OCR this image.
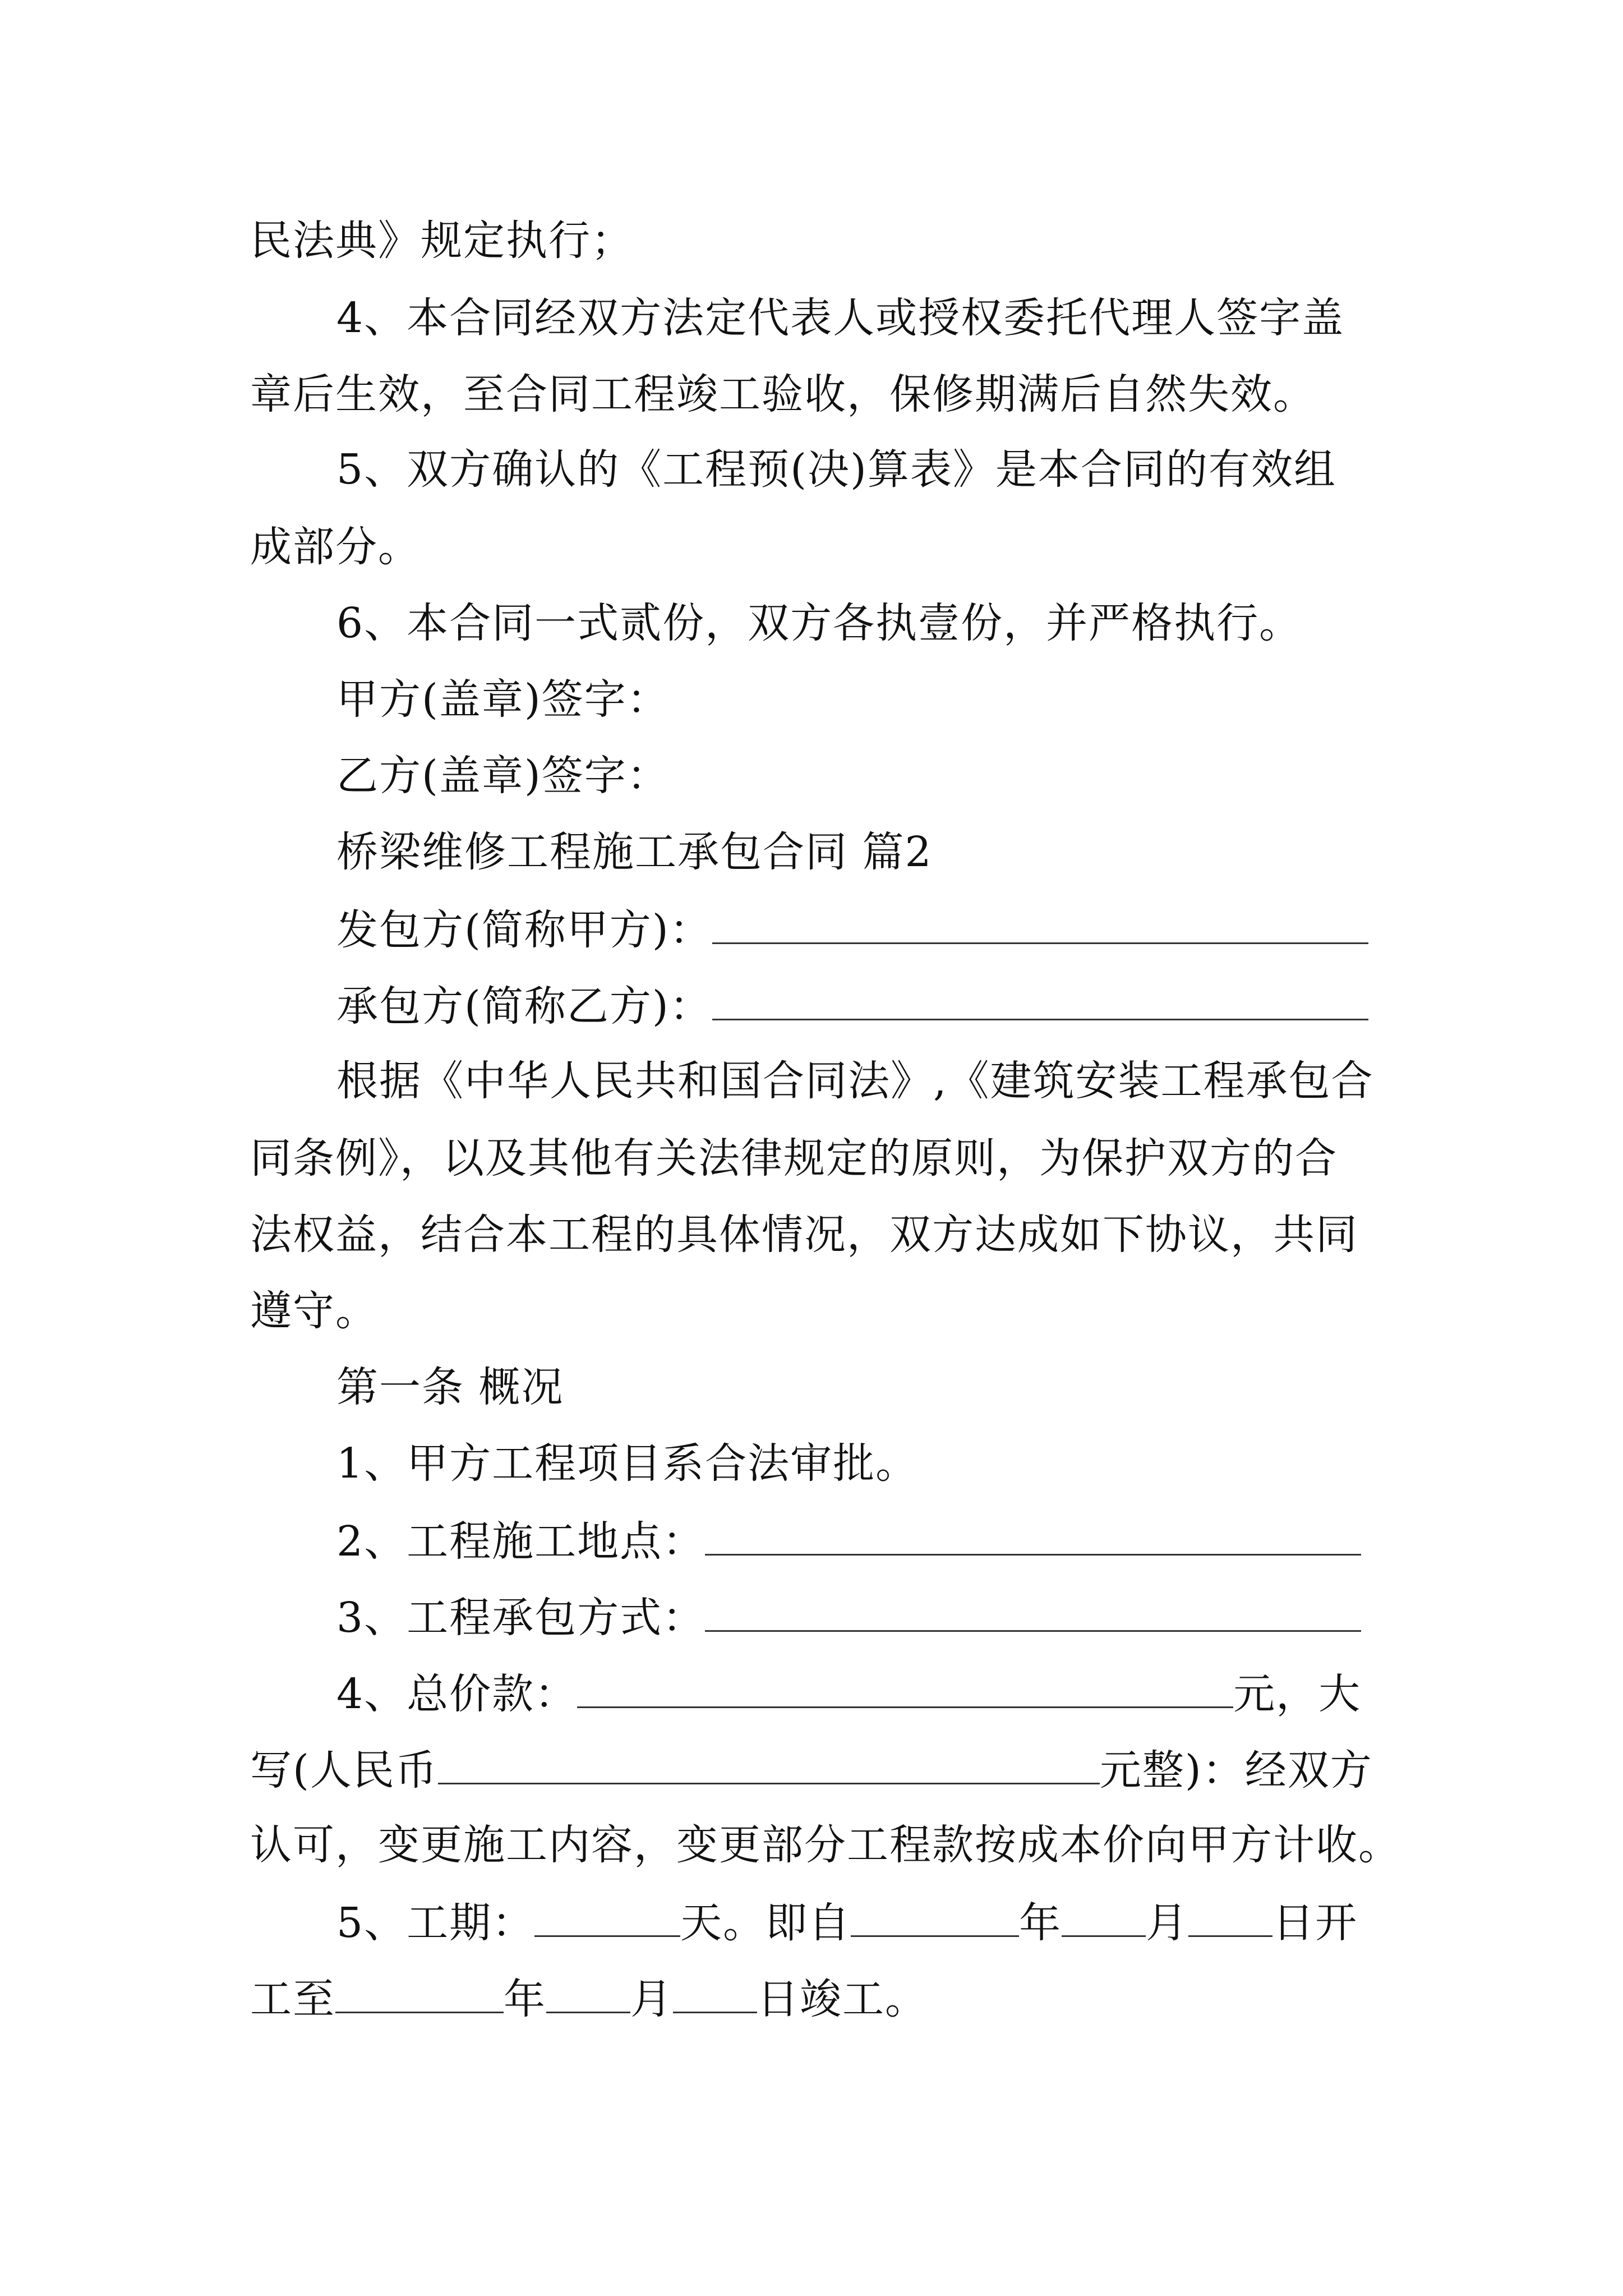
民法典》规定执行；
4、本合同经双方法定代表人或授权委托代理人签字盖
章后生效，至合同工程竣工验收，保修期满后自然失效。
5、双方确认的《工程预(决)算表》是本合同的有效组
成部分。
6、本合同一式贰份，双方各执壹份，并严格执行。
甲方(盖章)签字：
乙方(盖章)签字：
桥梁维修工程施工承包合同 篇2
发包方(简称甲方)：
承包方(简称乙方)：
根据《中华人民共和国合同法》,《建筑安装工程承包合
同条例》，以及其他有关法律规定的原则，为保护双方的合
法权益，结合本工程的具体情况，双方达成如下协议，共同
遵守。
第一条 概况
1、甲方工程项目系合法审批。
2、工程施工地点：
3、工程承包方式：
4、总价款：	元，大
写(人民币	元整)：经双方
认可，变更施工内容，变更部分工程款按成本价向甲方计收。
5、工期：	天。即自	年 月 日开
工至	年 月 日竣工。
